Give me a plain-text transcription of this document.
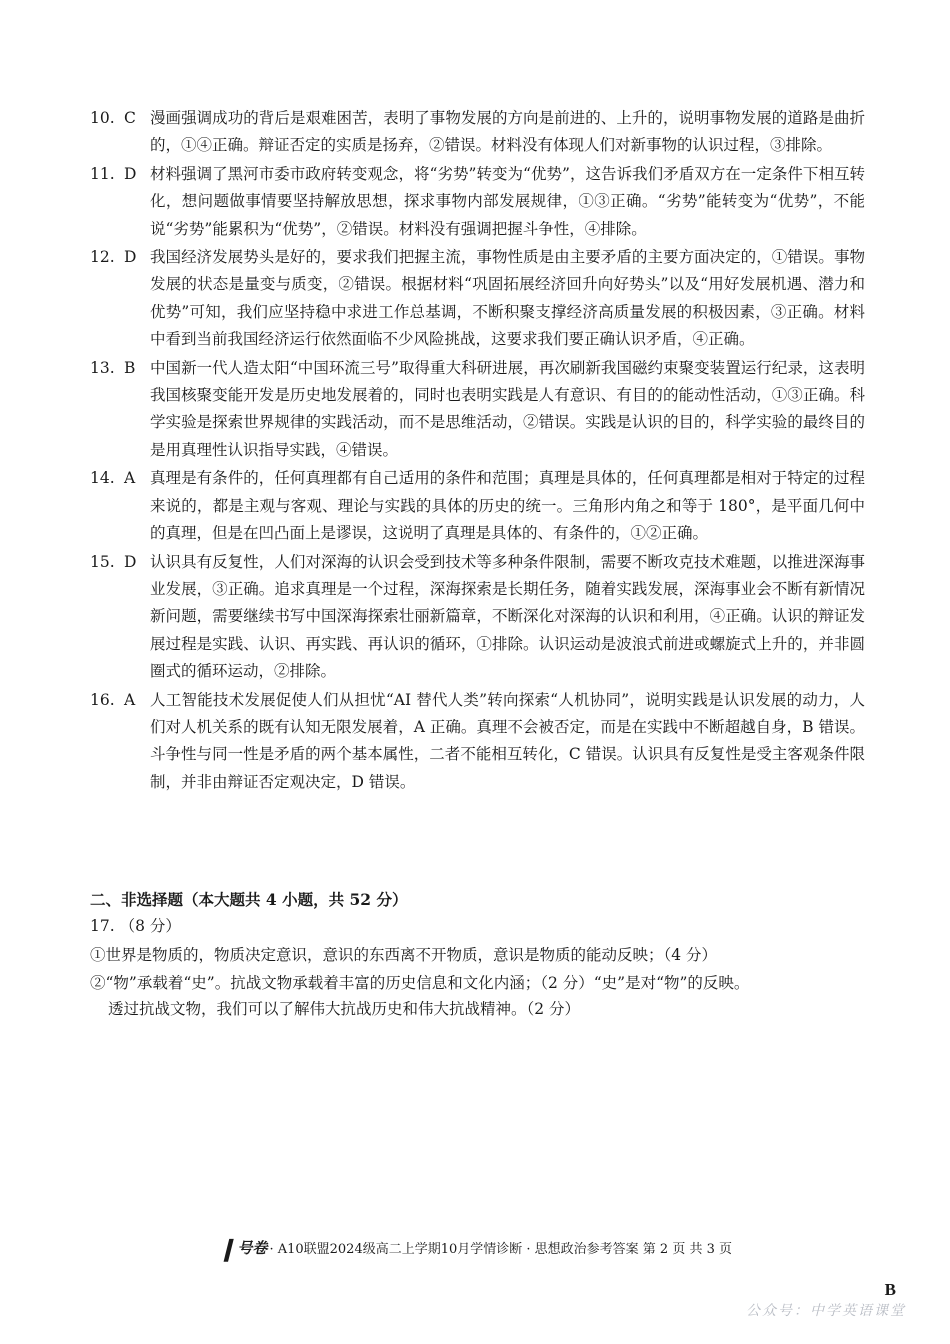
10. C 漫画强调成功的背后是艰难困苦，表明了事物发展的方向是前进的、上升的，说明事物发展的道路是曲折的，①④正确。辩证否定的实质是扬弃，②错误。材料没有体现人们对新事物的认识过程，③排除。
11. D 材料强调了黑河市委市政府转变观念，将“劣势”转变为“优势”，这告诉我们矛盾双方在一定条件下相互转化，想问题做事情要坚持解放思想，探求事物内部发展规律，①③正确。“劣势”能转变为“优势”，不能说“劣势”能累积为“优势”，②错误。材料没有强调把握斗争性，④排除。
12. D 我国经济发展势头是好的，要求我们把握主流，事物性质是由主要矛盾的主要方面决定的，①错误。事物发展的状态是量变与质变，②错误。根据材料“巩固拓展经济回升向好势头”以及“用好发展机遇、潜力和优势”可知，我们应坚持稳中求进工作总基调，不断积聚支撑经济高质量发展的积极因素，③正确。材料中看到当前我国经济运行依然面临不少风险挑战，这要求我们要正确认识矛盾，④正确。
13. B 中国新一代人造太阳“中国环流三号”取得重大科研进展，再次刷新我国磁约束聚变装置运行纪录，这表明我国核聚变能开发是历史地发展着的，同时也表明实践是人有意识、有目的的能动性活动，①③正确。科学实验是探索世界规律的实践活动，而不是思维活动，②错误。实践是认识的目的，科学实验的最终目的是用真理性认识指导实践，④错误。
14. A 真理是有条件的，任何真理都有自己适用的条件和范围；真理是具体的，任何真理都是相对于特定的过程来说的，都是主观与客观、理论与实践的具体的历史的统一。三角形内角之和等于 180°，是平面几何中的真理，但是在凹凸面上是谬误，这说明了真理是具体的、有条件的，①②正确。
15. D 认识具有反复性，人们对深海的认识会受到技术等多种条件限制，需要不断攻克技术难题，以推进深海事业发展，③正确。追求真理是一个过程，深海探索是长期任务，随着实践发展，深海事业会不断有新情况新问题，需要继续书写中国深海探索壮丽新篇章，不断深化对深海的认识和利用，④正确。认识的辩证发展过程是实践、认识、再实践、再认识的循环，①排除。认识运动是波浪式前进或螺旋式上升的，并非圆圈式的循环运动，②排除。
16. A 人工智能技术发展促使人们从担忧“AI 替代人类”转向探索“人机协同”，说明实践是认识发展的动力，人们对人机关系的既有认知无限发展着，A 正确。真理不会被否定，而是在实践中不断超越自身，B 错误。斗争性与同一性是矛盾的两个基本属性，二者不能相互转化，C 错误。认识具有反复性是受主客观条件限制，并非由辩证否定观决定，D 错误。
二、非选择题（本大题共 4 小题，共 52 分）
17. （8 分）
①世界是物质的，物质决定意识，意识的东西离不开物质，意识是物质的能动反映；（4 分）
②“物”承载着“史”。抗战文物承载着丰富的历史信息和文化内涵；（2 分）“史”是对“物”的反映。
透过抗战文物，我们可以了解伟大抗战历史和伟大抗战精神。（2 分）
❙号卷 · A10联盟2024级高二上学期10月学情诊断 · 思想政治参考答案 第 2 页 共 3 页
B
公众号：中学英语课堂
